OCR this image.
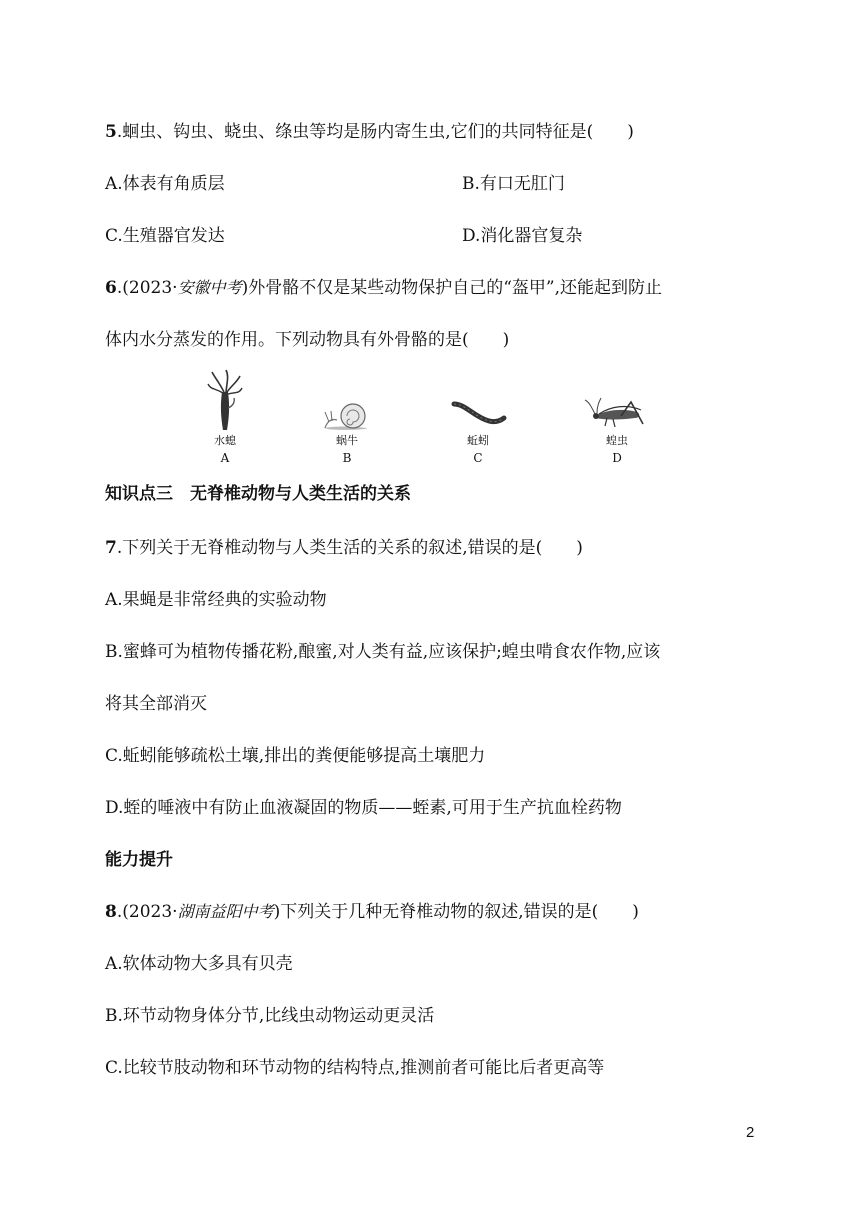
5.蛔虫、钩虫、蛲虫、绦虫等均是肠内寄生虫,它们的共同特征是( )
A.体表有角质层	B.有口无肛门
C.生殖器官发达	D.消化器官复杂
6.(2023·安徽中考)外骨骼不仅是某些动物保护自己的“盔甲”,还能起到防止
体内水分蒸发的作用。下列动物具有外骨骼的是( )
水螅
A
蜗牛
B
蚯蚓
C
蝗虫
D
知识点三　无脊椎动物与人类生活的关系
7.下列关于无脊椎动物与人类生活的关系的叙述,错误的是( )
A.果蝇是非常经典的实验动物
B.蜜蜂可为植物传播花粉,酿蜜,对人类有益,应该保护;蝗虫啃食农作物,应该
将其全部消灭
C.蚯蚓能够疏松土壤,排出的粪便能够提高土壤肥力
D.蛭的唾液中有防止血液凝固的物质——蛭素,可用于生产抗血栓药物
能力提升
8.(2023·湖南益阳中考)下列关于几种无脊椎动物的叙述,错误的是( )
A.软体动物大多具有贝壳
B.环节动物身体分节,比线虫动物运动更灵活
C.比较节肢动物和环节动物的结构特点,推测前者可能比后者更高等
2
